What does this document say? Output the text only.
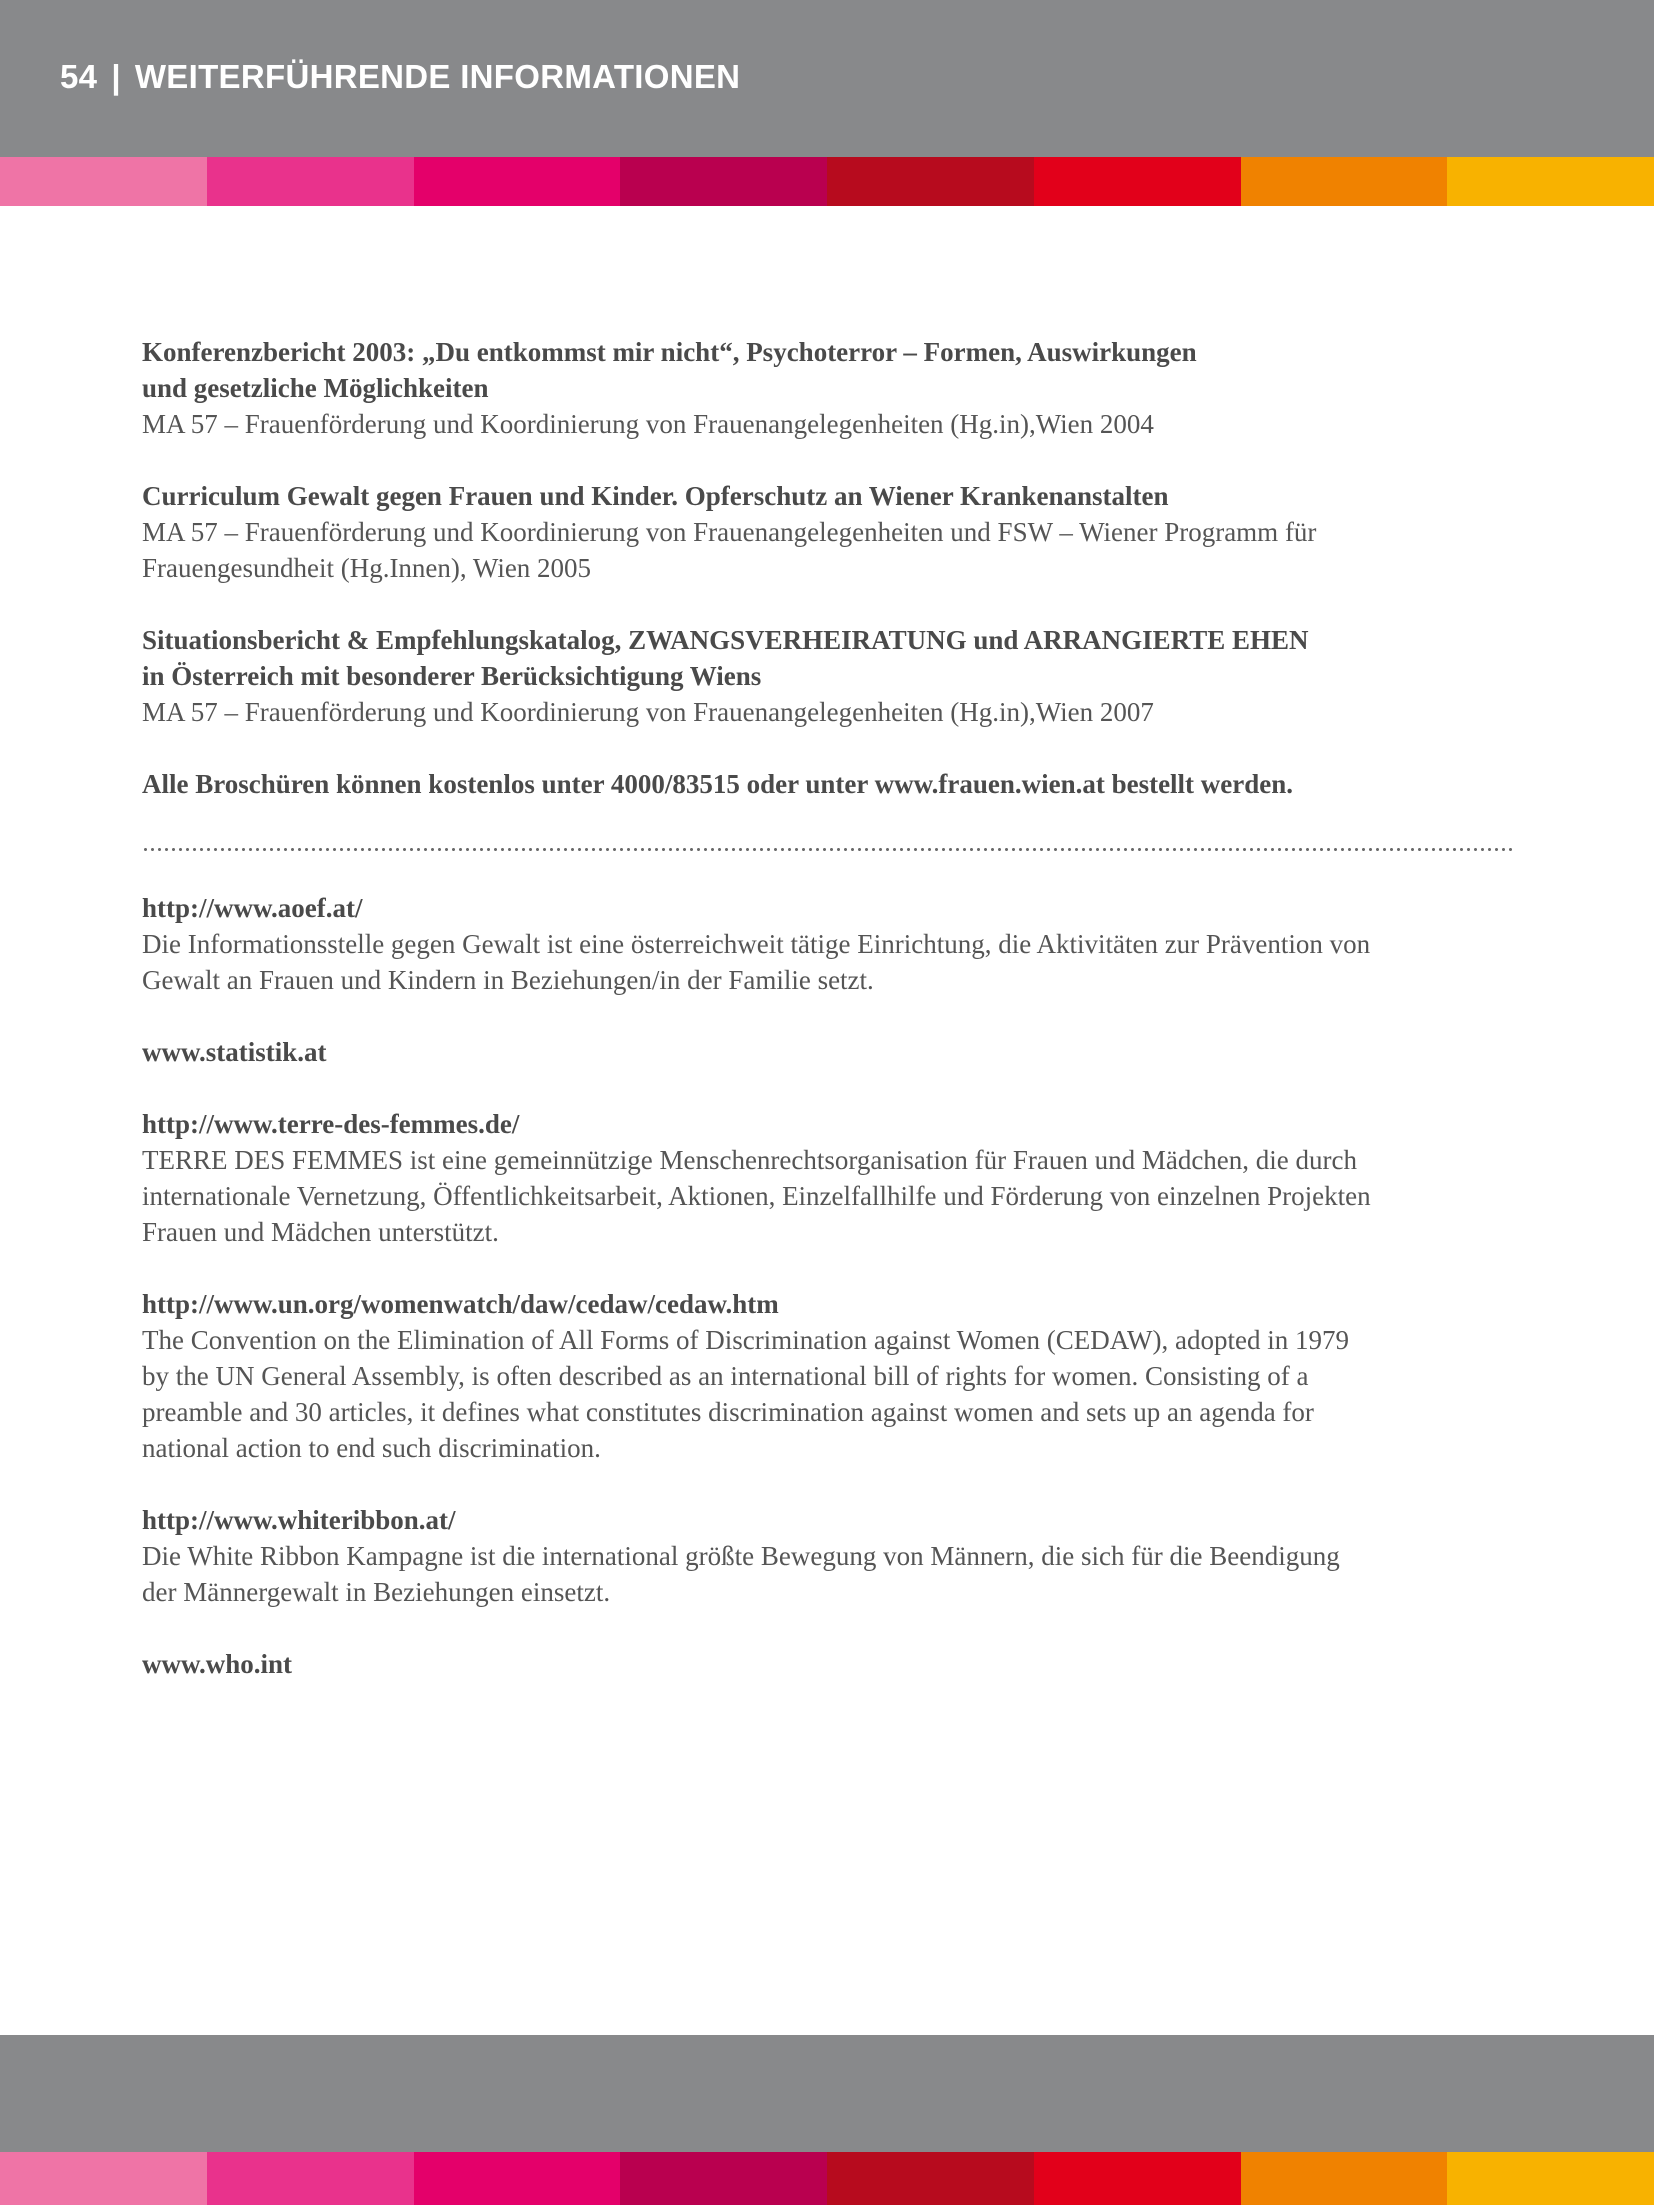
54 | WEITERFÜHRENDE INFORMATIONEN
Konferenzbericht 2003: „Du entkommst mir nicht“, Psychoterror – Formen, Auswirkungen
und gesetzliche Möglichkeiten
MA 57 – Frauenförderung und Koordinierung von Frauenangelegenheiten (Hg.in),Wien 2004
Curriculum Gewalt gegen Frauen und Kinder. Opferschutz an Wiener Krankenanstalten
MA 57 – Frauenförderung und Koordinierung von Frauenangelegenheiten und FSW – Wiener Programm für
Frauengesundheit (Hg.Innen), Wien 2005
Situationsbericht & Empfehlungskatalog, ZWANGSVERHEIRATUNG und ARRANGIERTE EHEN
in Österreich mit besonderer Berücksichtigung Wiens
MA 57 – Frauenförderung und Koordinierung von Frauenangelegenheiten (Hg.in),Wien 2007
Alle Broschüren können kostenlos unter 4000/83515 oder unter www.frauen.wien.at bestellt werden.
http://www.aoef.at/
Die Informationsstelle gegen Gewalt ist eine österreichweit tätige Einrichtung, die Aktivitäten zur Prävention von
Gewalt an Frauen und Kindern in Beziehungen/in der Familie setzt.
www.statistik.at
http://www.terre-des-femmes.de/
TERRE DES FEMMES ist eine gemeinnützige Menschenrechtsorganisation für Frauen und Mädchen, die durch
internationale Vernetzung, Öffentlichkeitsarbeit, Aktionen, Einzelfallhilfe und Förderung von einzelnen Projekten
Frauen und Mädchen unterstützt.
http://www.un.org/womenwatch/daw/cedaw/cedaw.htm
The Convention on the Elimination of All Forms of Discrimination against Women (CEDAW), adopted in 1979
by the UN General Assembly, is often described as an international bill of rights for women. Consisting of a
preamble and 30 articles, it defines what constitutes discrimination against women and sets up an agenda for
national action to end such discrimination.
http://www.whiteribbon.at/
Die White Ribbon Kampagne ist die international größte Bewegung von Männern, die sich für die Beendigung
der Männergewalt in Beziehungen einsetzt.
www.who.int
